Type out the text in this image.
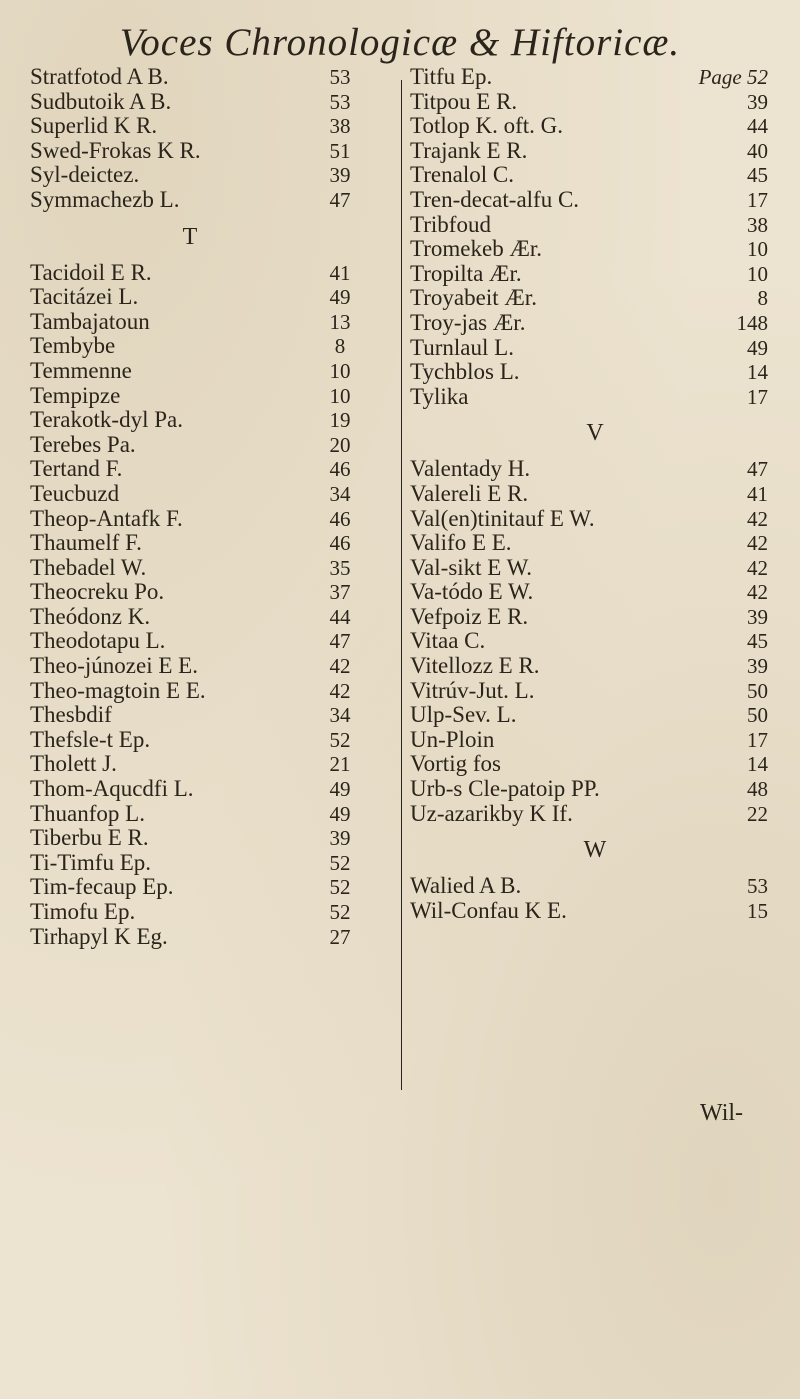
Voces Chronologicæ & Hiftoricæ.
Stratfotod A B.	53
Sudbutoik A B.	53
Superlid K R.	38
Swed-Frokas K R.	51
Syl-deictez.	39
Symmachezb L.	47
T
Tacidoil E R.	41
Tacitázei L.	49
Tambajatoun	13
Tembybe	8
Temmenne	10
Tempipze	10
Terakotk-dyl Pa.	19
Terebes Pa.	20
Tertand F.	46
Teucbuzd	34
Theop-Antafk F.	46
Thaumelf F.	46
Thebadel W.	35
Theocreku Po.	37
Theódonz K.	44
Theodotapu L.	47
Theo-júnozei E E.	42
Theo-magtoin E E.	42
Thesbdif	34
Thefsle-t Ep.	52
Tholett J.	21
Thom-Aqucdfi L.	49
Thuanfop L.	49
Tiberbu E R.	39
Ti-Timfu Ep.	52
Tim-fecaup Ep.	52
Timofu Ep.	52
Tirhapyl K Eg.	27
Titfu Ep.	Page 52
Titpou E R.	39
Totlop K. oft. G.	44
Trajank E R.	40
Trenalol C.	45
Tren-decat-alfu C.	17
Tribfoud	38
Tromekeb Ær.	10
Tropilta Ær.	10
Troyabeit Ær.	8
Troy-jas Ær.	148
Turnlaul L.	49
Tychblos L.	14
Tylika	17
V
Valentady H.	47
Valereli E R.	41
Val(en)tinitauf E W.	42
Valifo E E.	42
Val-sikt E W.	42
Va-tódo E W.	42
Vefpoiz E R.	39
Vitaa C.	45
Vitellozz E R.	39
Vitrúv-Jut. L.	50
Ulp-Sev. L.	50
Un-Ploin	17
Vortig fos	14
Urb-s Cle-patoip PP.	48
Uz-azarikby K If.	22
W
Walied A B.	53
Wil-Confau K E.	15
Wil-
